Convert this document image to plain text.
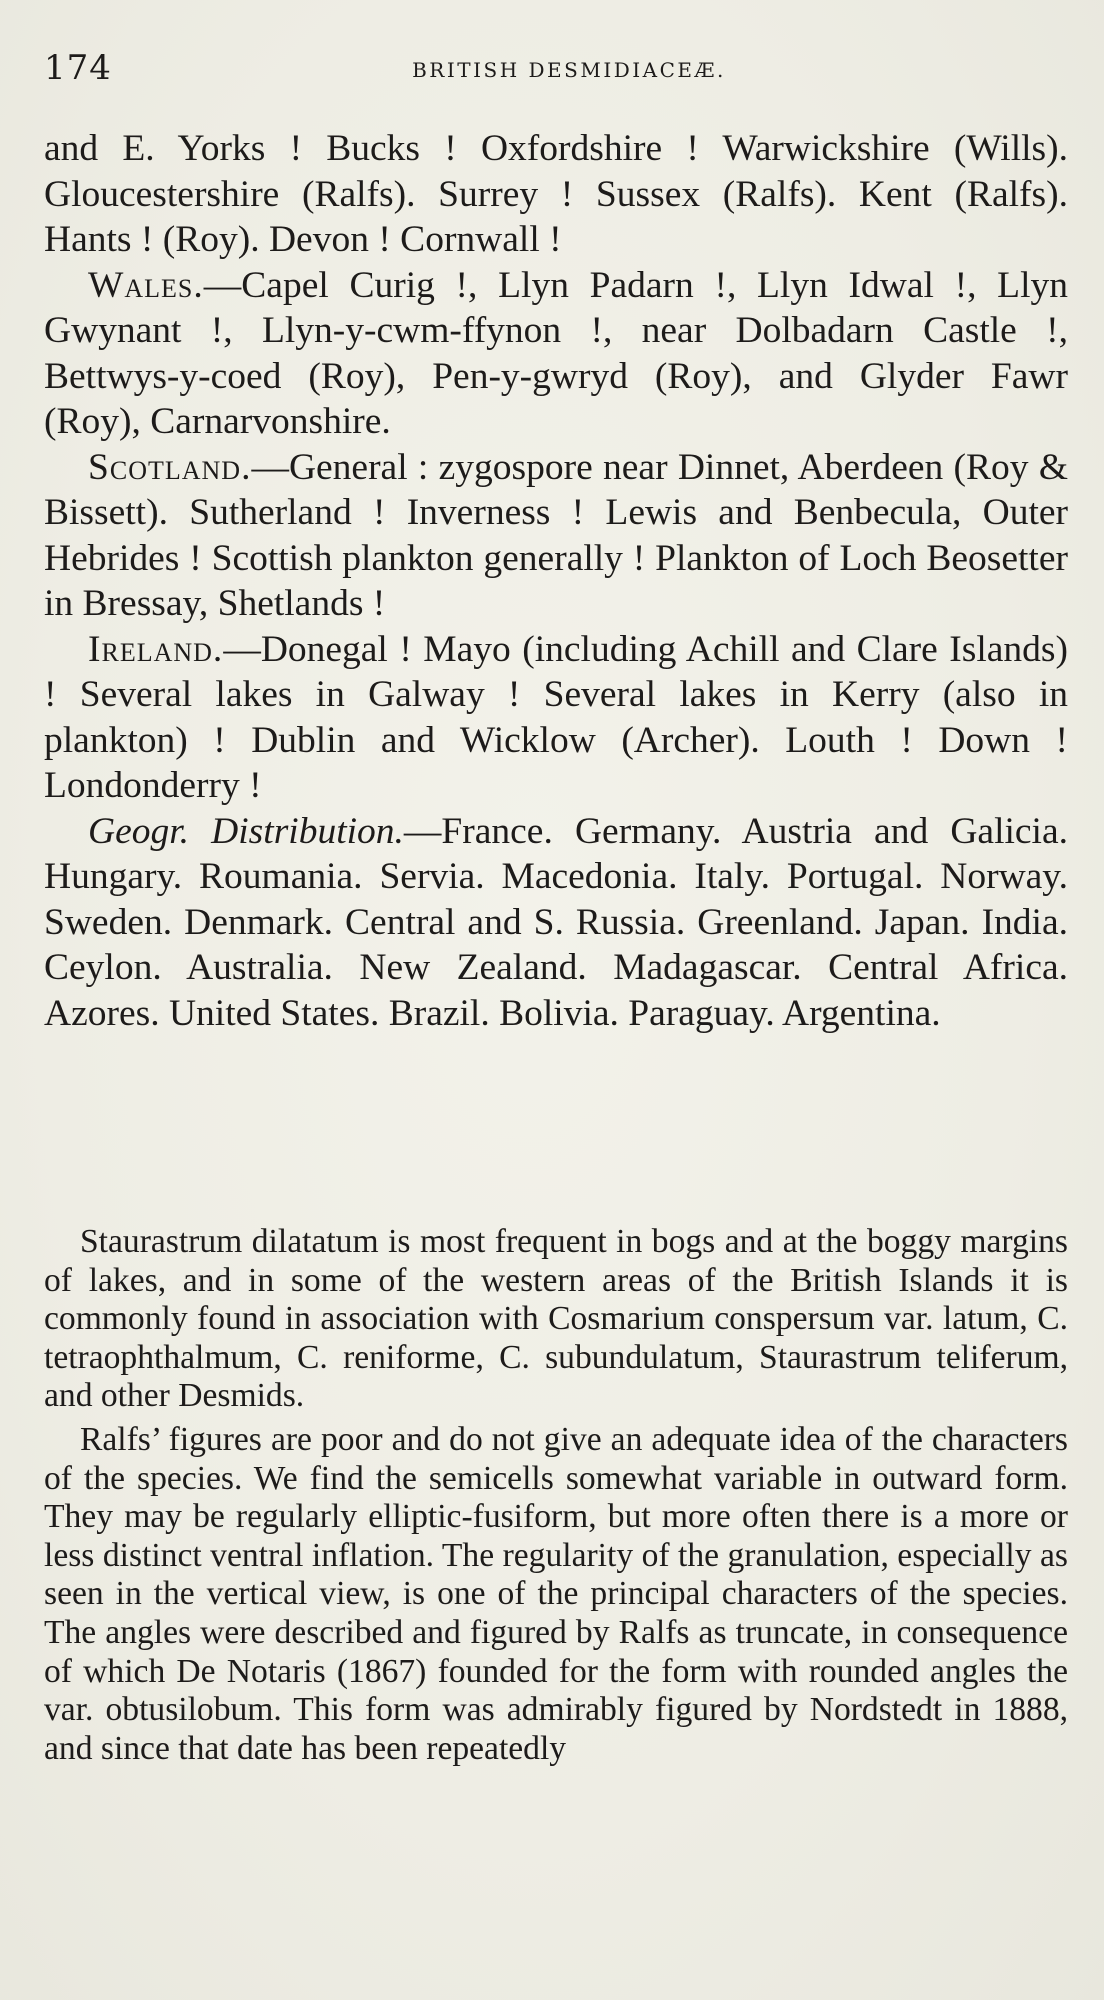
174	BRITISH DESMIDIACEÆ.

and E. Yorks ! Bucks ! Oxfordshire ! Warwickshire (Wills). Gloucestershire (Ralfs). Surrey ! Sussex (Ralfs). Kent (Ralfs). Hants ! (Roy). Devon ! Cornwall !

Wales.—Capel Curig !, Llyn Padarn !, Llyn Idwal !, Llyn Gwynant !, Llyn-y-cwm-ffynon !, near Dolbadarn Castle !, Bettwys-y-coed (Roy), Pen-y-gwryd (Roy), and Glyder Fawr (Roy), Carnarvonshire.

Scotland.—General : zygospore near Dinnet, Aberdeen (Roy & Bissett). Sutherland ! Inverness ! Lewis and Benbecula, Outer Hebrides ! Scottish plankton generally ! Plankton of Loch Beosetter in Bressay, Shetlands !

Ireland.—Donegal ! Mayo (including Achill and Clare Islands) ! Several lakes in Galway ! Several lakes in Kerry (also in plankton) ! Dublin and Wicklow (Archer). Louth ! Down ! Londonderry !

Geogr. Distribution.—France. Germany. Austria and Galicia. Hungary. Roumania. Servia. Macedonia. Italy. Portugal. Norway. Sweden. Denmark. Central and S. Russia. Greenland. Japan. India. Ceylon. Australia. New Zealand. Madagascar. Central Africa. Azores. United States. Brazil. Bolivia. Paraguay. Argentina.

Staurastrum dilatatum is most frequent in bogs and at the boggy margins of lakes, and in some of the western areas of the British Islands it is commonly found in association with Cosmarium conspersum var. latum, C. tetraophthalmum, C. reniforme, C. subundulatum, Staurastrum teliferum, and other Desmids.

Ralfs’ figures are poor and do not give an adequate idea of the characters of the species. We find the semicells somewhat variable in outward form. They may be regularly elliptic-fusiform, but more often there is a more or less distinct ventral inflation. The regularity of the granulation, especially as seen in the vertical view, is one of the principal characters of the species. The angles were described and figured by Ralfs as truncate, in consequence of which De Notaris (1867) founded for the form with rounded angles the var. obtusilobum. This form was admirably figured by Nordstedt in 1888, and since that date has been repeatedly
